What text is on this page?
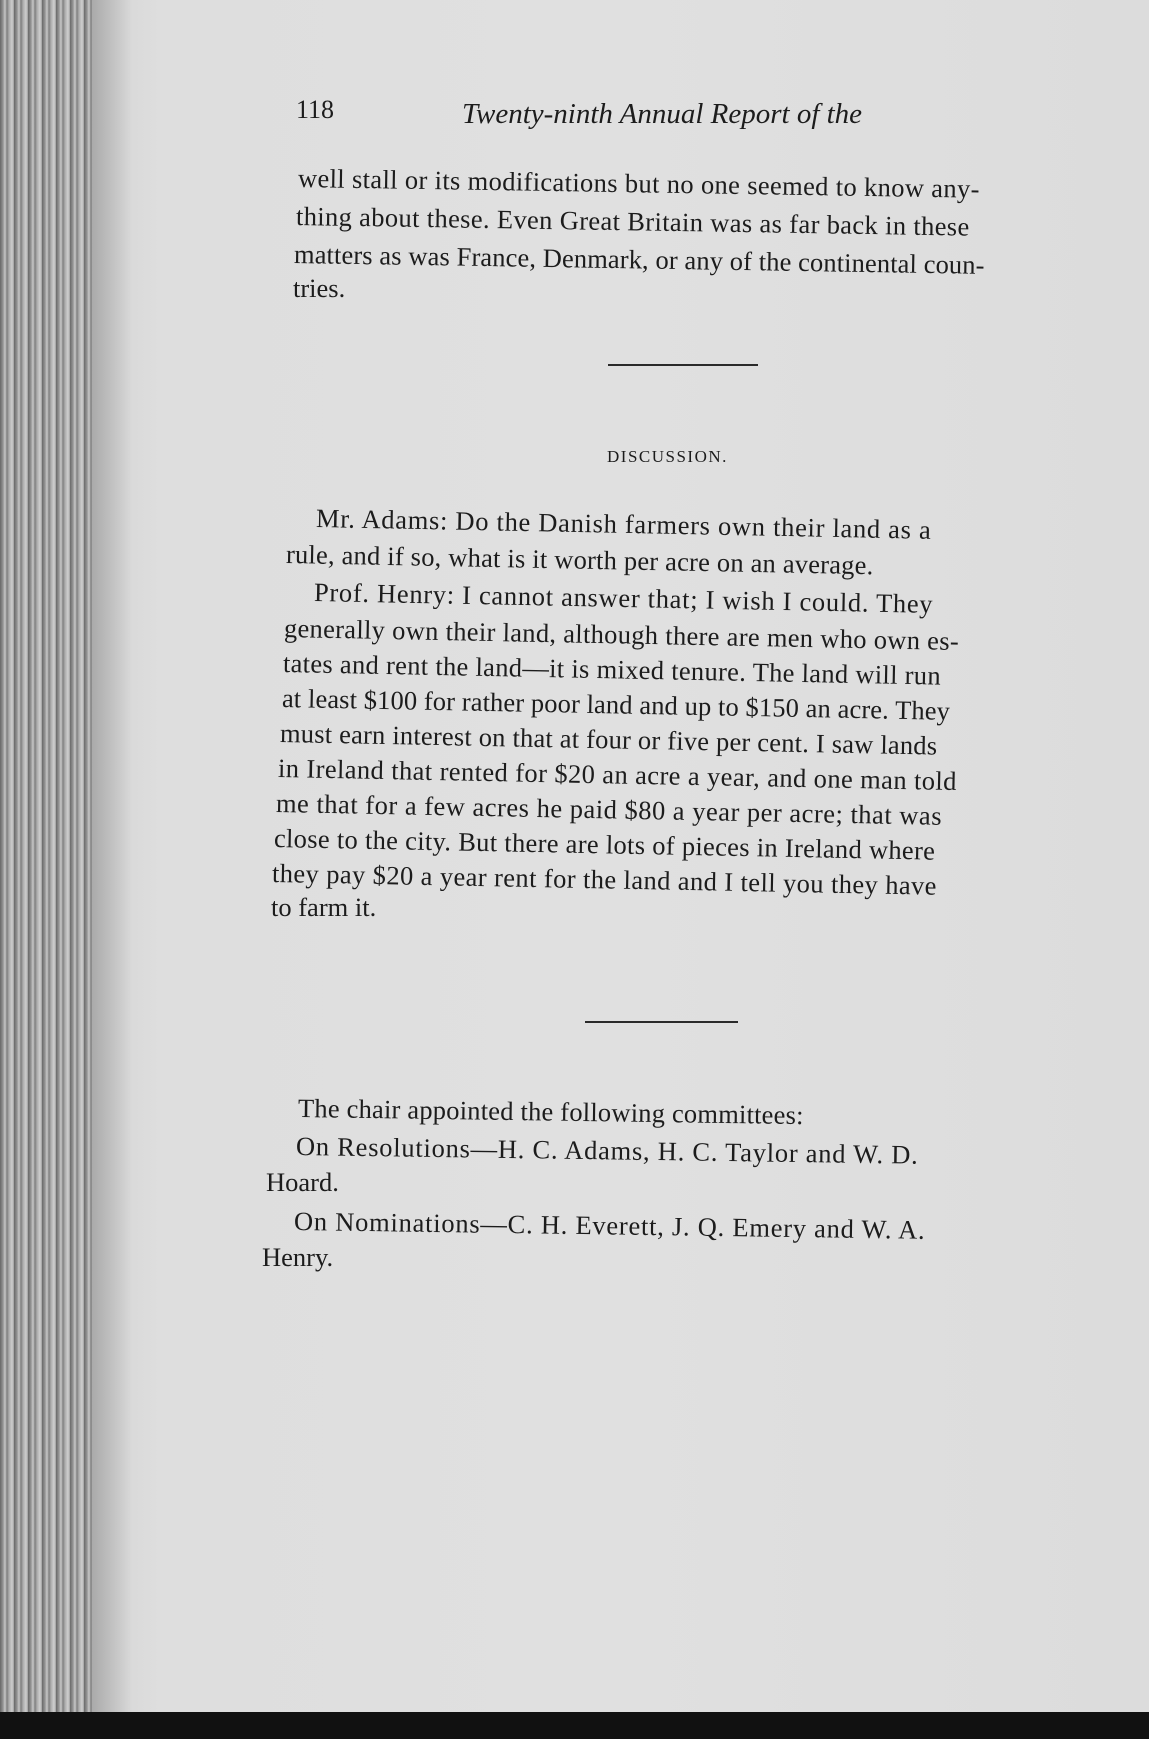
118	Twenty-ninth Annual Report of the
well stall or its modifications but no one seemed to know any-
thing about these. Even Great Britain was as far back in these
matters as was France, Denmark, or any of the continental coun-
tries.
DISCUSSION.
Mr. Adams: Do the Danish farmers own their land as a
rule, and if so, what is it worth per acre on an average.
Prof. Henry: I cannot answer that; I wish I could. They
generally own their land, although there are men who own es-
tates and rent the land—it is mixed tenure. The land will run
at least $100 for rather poor land and up to $150 an acre. They
must earn interest on that at four or five per cent. I saw lands
in Ireland that rented for $20 an acre a year, and one man told
me that for a few acres he paid $80 a year per acre; that was
close to the city. But there are lots of pieces in Ireland where
they pay $20 a year rent for the land and I tell you they have
to farm it.
The chair appointed the following committees:
On Resolutions—H. C. Adams, H. C. Taylor and W. D.
Hoard.
On Nominations—C. H. Everett, J. Q. Emery and W. A.
Henry.
